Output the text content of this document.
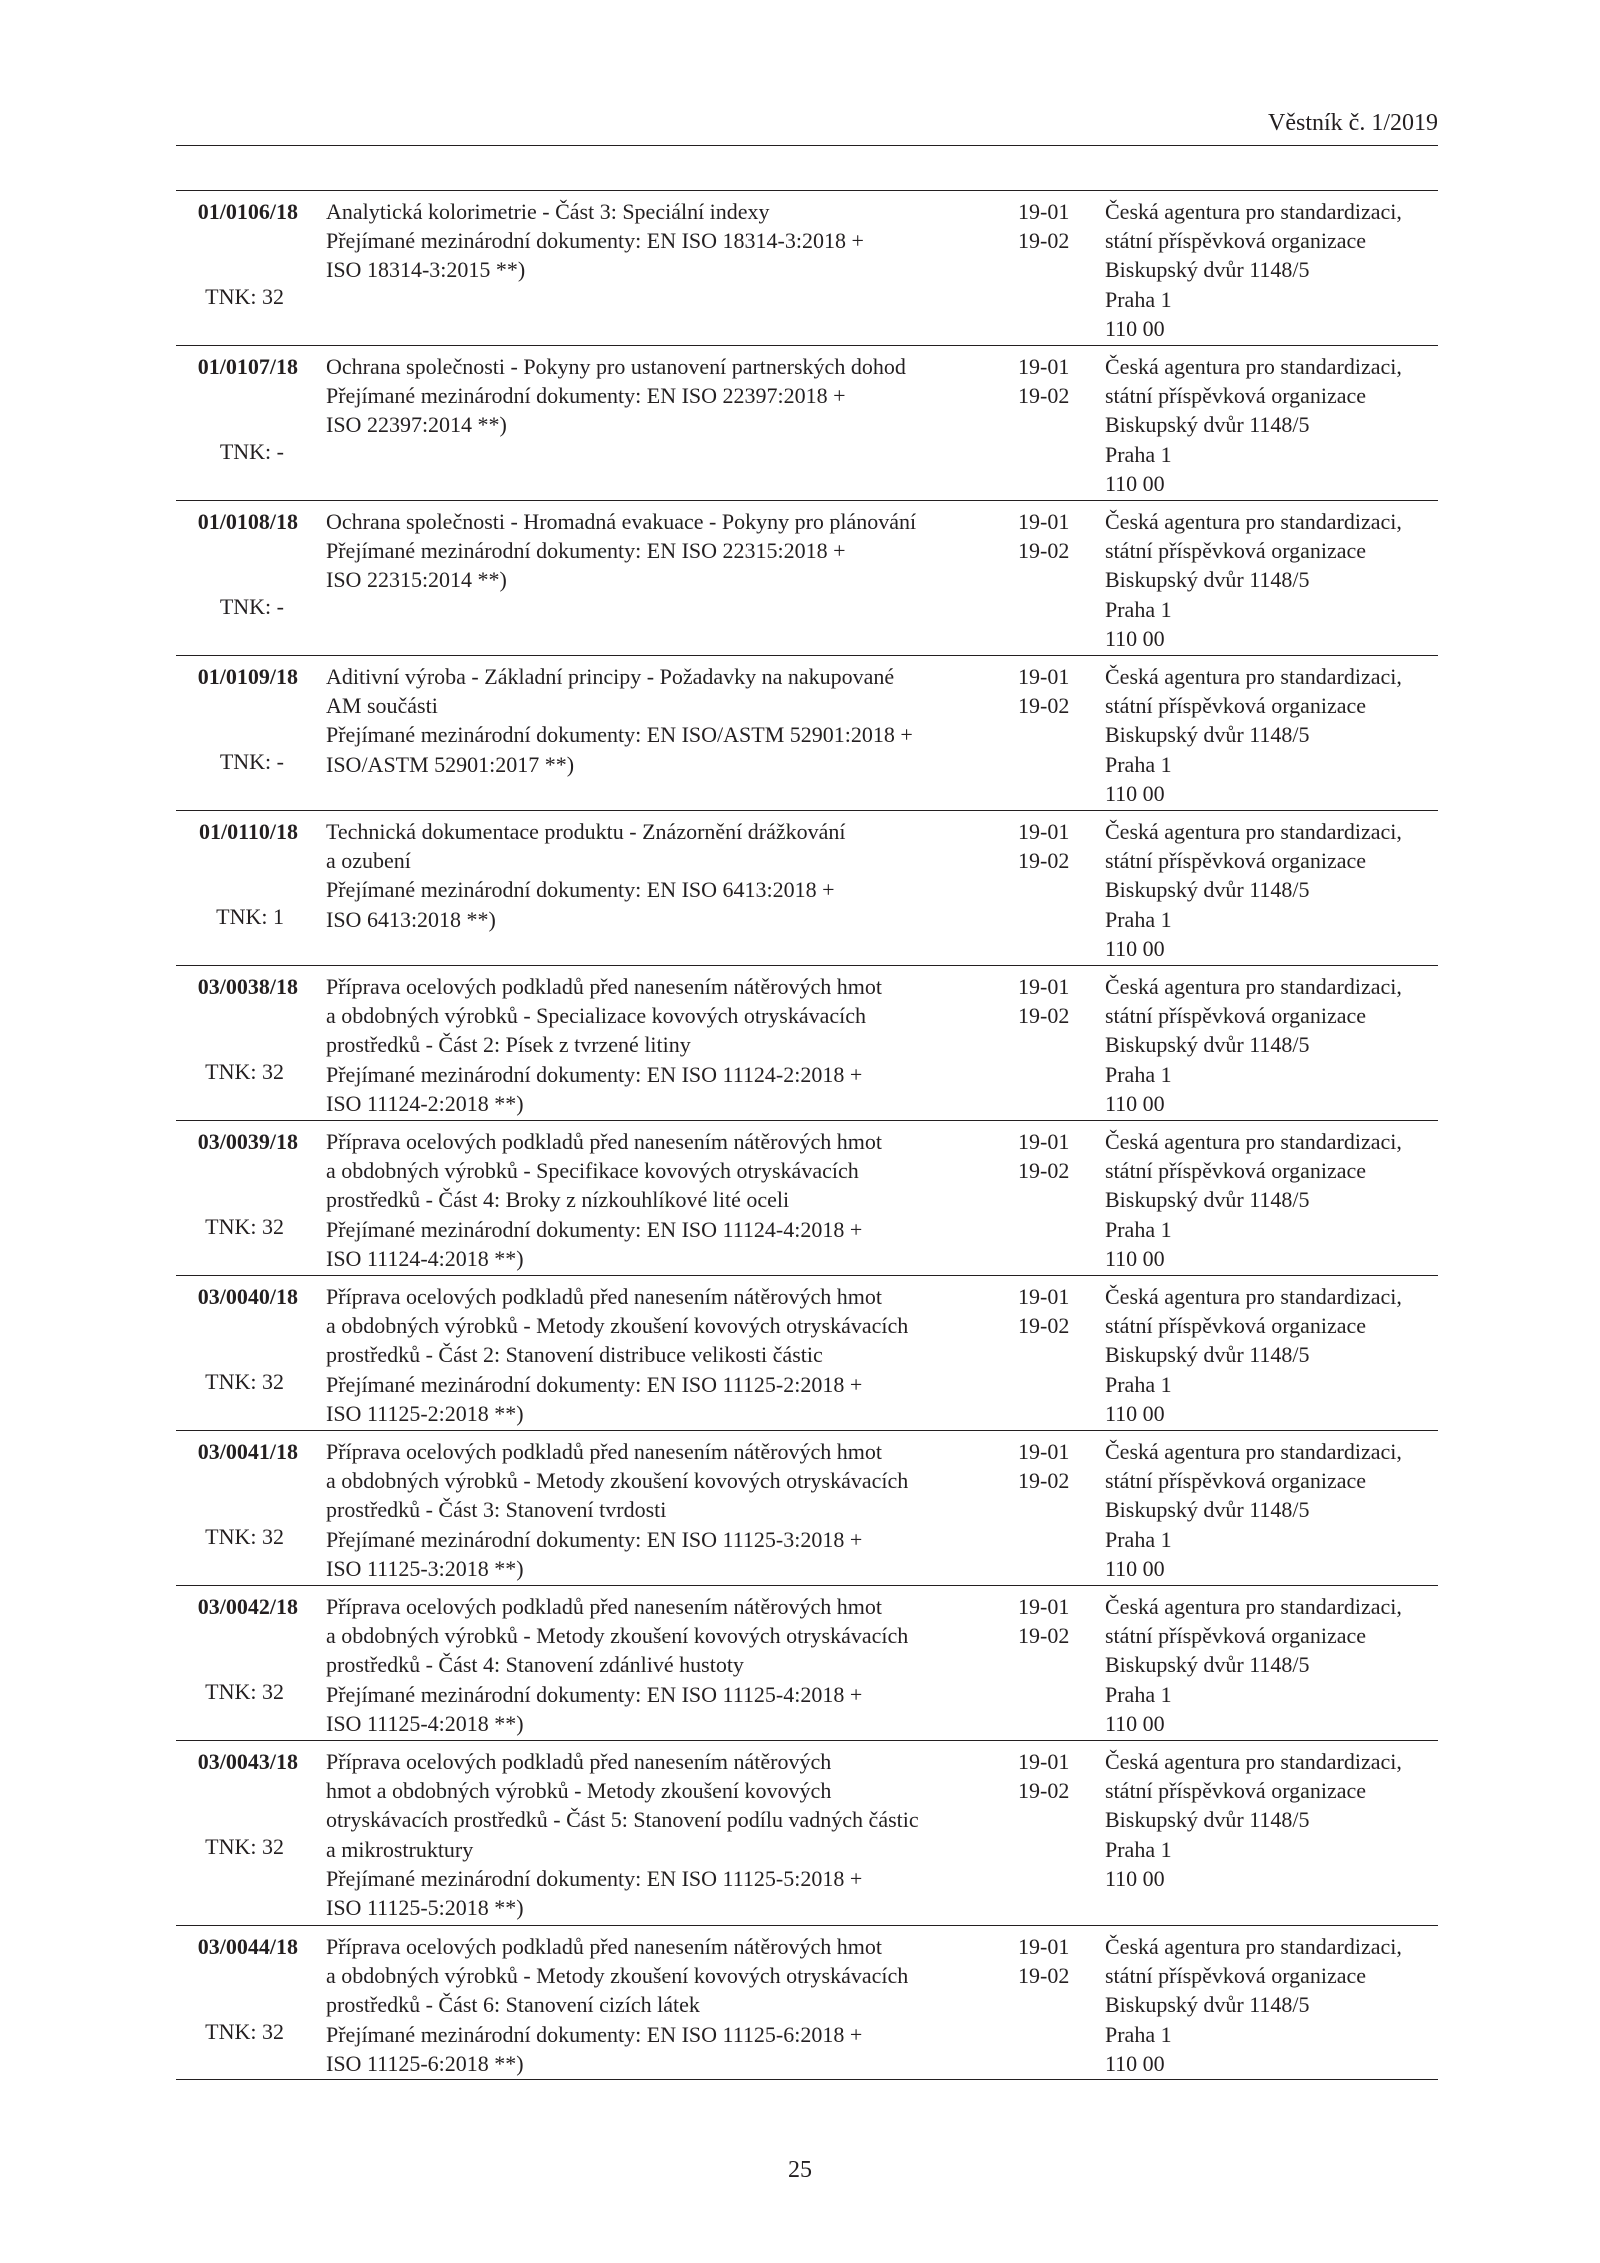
Věstník č. 1/2019
01/0106/18
TNK: 32
Analytická kolorimetrie - Část 3: Speciální indexy
Přejímané mezinárodní dokumenty: EN ISO 18314-3:2018 +
ISO 18314-3:2015 **)
19-01
19-02
Česká agentura pro standardizaci,
státní příspěvková organizace
Biskupský dvůr 1148/5
Praha 1
110 00
01/0107/18
TNK: -
Ochrana společnosti - Pokyny pro ustanovení partnerských dohod
Přejímané mezinárodní dokumenty: EN ISO 22397:2018 +
ISO 22397:2014 **)
19-01
19-02
Česká agentura pro standardizaci,
státní příspěvková organizace
Biskupský dvůr 1148/5
Praha 1
110 00
01/0108/18
TNK: -
Ochrana společnosti - Hromadná evakuace - Pokyny pro plánování
Přejímané mezinárodní dokumenty: EN ISO 22315:2018 +
ISO 22315:2014 **)
19-01
19-02
Česká agentura pro standardizaci,
státní příspěvková organizace
Biskupský dvůr 1148/5
Praha 1
110 00
01/0109/18
TNK: -
Aditivní výroba - Základní principy - Požadavky na nakupované
AM součásti
Přejímané mezinárodní dokumenty: EN ISO/ASTM 52901:2018 +
ISO/ASTM 52901:2017 **)
19-01
19-02
Česká agentura pro standardizaci,
státní příspěvková organizace
Biskupský dvůr 1148/5
Praha 1
110 00
01/0110/18
TNK: 1
Technická dokumentace produktu - Znázornění drážkování
a ozubení
Přejímané mezinárodní dokumenty: EN ISO 6413:2018 +
ISO 6413:2018 **)
19-01
19-02
Česká agentura pro standardizaci,
státní příspěvková organizace
Biskupský dvůr 1148/5
Praha 1
110 00
03/0038/18
TNK: 32
Příprava ocelových podkladů před nanesením nátěrových hmot
a obdobných výrobků - Specializace kovových otryskávacích
prostředků - Část 2: Písek z tvrzené litiny
Přejímané mezinárodní dokumenty: EN ISO 11124-2:2018 +
ISO 11124-2:2018 **)
19-01
19-02
Česká agentura pro standardizaci,
státní příspěvková organizace
Biskupský dvůr 1148/5
Praha 1
110 00
03/0039/18
TNK: 32
Příprava ocelových podkladů před nanesením nátěrových hmot
a obdobných výrobků - Specifikace kovových otryskávacích
prostředků - Část 4: Broky z nízkouhlíkové lité oceli
Přejímané mezinárodní dokumenty: EN ISO 11124-4:2018 +
ISO 11124-4:2018 **)
19-01
19-02
Česká agentura pro standardizaci,
státní příspěvková organizace
Biskupský dvůr 1148/5
Praha 1
110 00
03/0040/18
TNK: 32
Příprava ocelových podkladů před nanesením nátěrových hmot
a obdobných výrobků - Metody zkoušení kovových otryskávacích
prostředků - Část 2: Stanovení distribuce velikosti částic
Přejímané mezinárodní dokumenty: EN ISO 11125-2:2018 +
ISO 11125-2:2018 **)
19-01
19-02
Česká agentura pro standardizaci,
státní příspěvková organizace
Biskupský dvůr 1148/5
Praha 1
110 00
03/0041/18
TNK: 32
Příprava ocelových podkladů před nanesením nátěrových hmot
a obdobných výrobků - Metody zkoušení kovových otryskávacích
prostředků - Část 3: Stanovení tvrdosti
Přejímané mezinárodní dokumenty: EN ISO 11125-3:2018 +
ISO 11125-3:2018 **)
19-01
19-02
Česká agentura pro standardizaci,
státní příspěvková organizace
Biskupský dvůr 1148/5
Praha 1
110 00
03/0042/18
TNK: 32
Příprava ocelových podkladů před nanesením nátěrových hmot
a obdobných výrobků - Metody zkoušení kovových otryskávacích
prostředků - Část 4: Stanovení zdánlivé hustoty
Přejímané mezinárodní dokumenty: EN ISO 11125-4:2018 +
ISO 11125-4:2018 **)
19-01
19-02
Česká agentura pro standardizaci,
státní příspěvková organizace
Biskupský dvůr 1148/5
Praha 1
110 00
03/0043/18
TNK: 32
Příprava ocelových podkladů před nanesením nátěrových
hmot a obdobných výrobků - Metody zkoušení kovových
otryskávacích prostředků - Část 5: Stanovení podílu vadných částic
a mikrostruktury
Přejímané mezinárodní dokumenty: EN ISO 11125-5:2018 +
ISO 11125-5:2018 **)
19-01
19-02
Česká agentura pro standardizaci,
státní příspěvková organizace
Biskupský dvůr 1148/5
Praha 1
110 00
03/0044/18
TNK: 32
Příprava ocelových podkladů před nanesením nátěrových hmot
a obdobných výrobků - Metody zkoušení kovových otryskávacích
prostředků - Část 6: Stanovení cizích látek
Přejímané mezinárodní dokumenty: EN ISO 11125-6:2018 +
ISO 11125-6:2018 **)
19-01
19-02
Česká agentura pro standardizaci,
státní příspěvková organizace
Biskupský dvůr 1148/5
Praha 1
110 00
25
